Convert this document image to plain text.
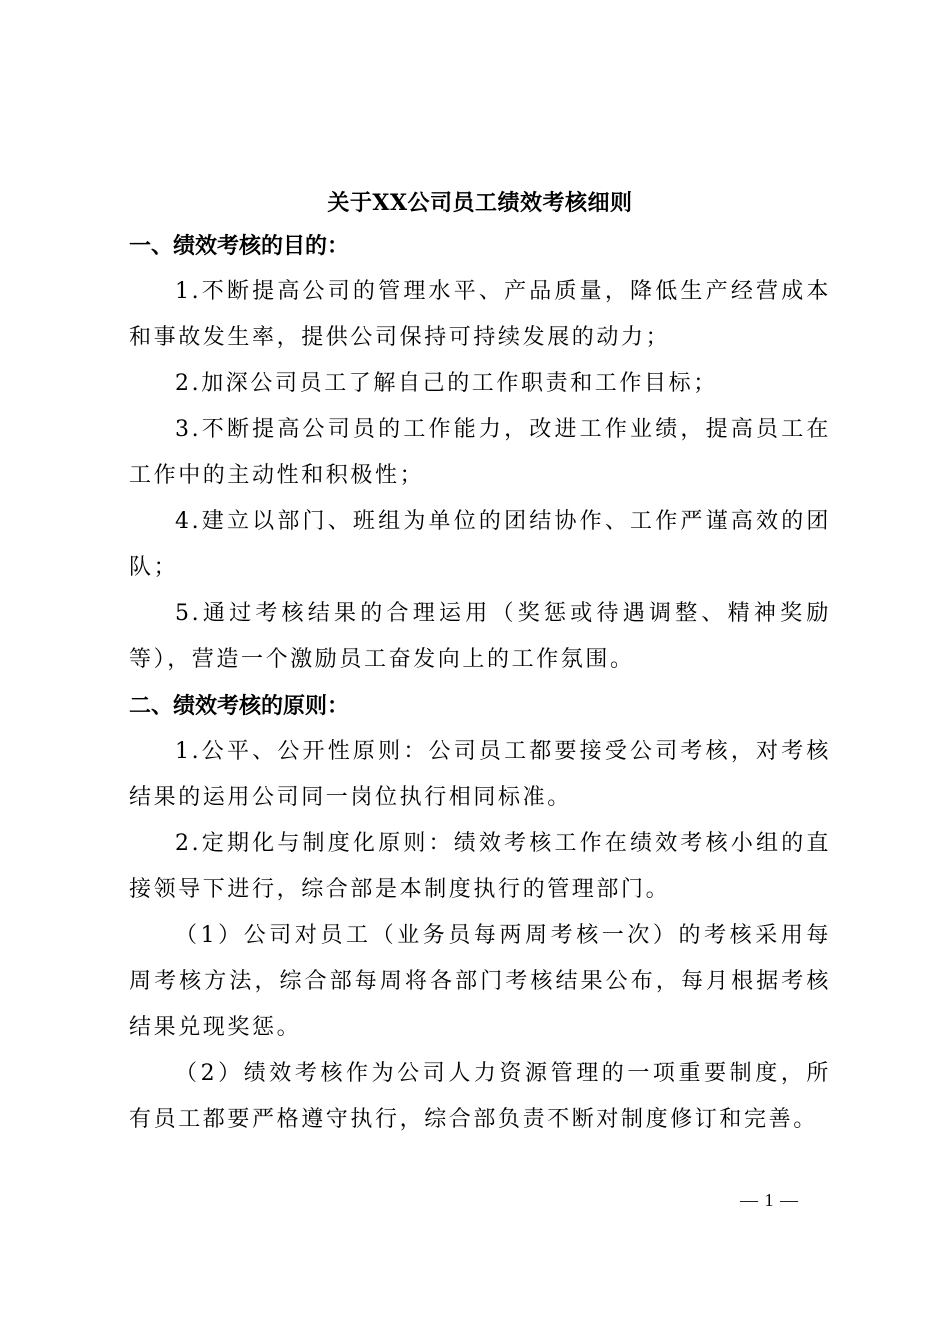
关于XX公司员工绩效考核细则
一、绩效考核的目的：

1.不断提高公司的管理水平、产品质量，降低生产经营成本和事故发生率，提供公司保持可持续发展的动力；

2.加深公司员工了解自己的工作职责和工作目标；

3.不断提高公司员的工作能力，改进工作业绩，提高员工在工作中的主动性和积极性；

4.建立以部门、班组为单位的团结协作、工作严谨高效的团队；

5.通过考核结果的合理运用（奖惩或待遇调整、精神奖励等），营造一个激励员工奋发向上的工作氛围。

二、绩效考核的原则：

1.公平、公开性原则：公司员工都要接受公司考核，对考核结果的运用公司同一岗位执行相同标准。

2.定期化与制度化原则：绩效考核工作在绩效考核小组的直接领导下进行，综合部是本制度执行的管理部门。

（1）公司对员工（业务员每两周考核一次）的考核采用每周考核方法，综合部每周将各部门考核结果公布，每月根据考核结果兑现奖惩。

（2）绩效考核作为公司人力资源管理的一项重要制度，所有员工都要严格遵守执行，综合部负责不断对制度修订和完善。

— 1 —
